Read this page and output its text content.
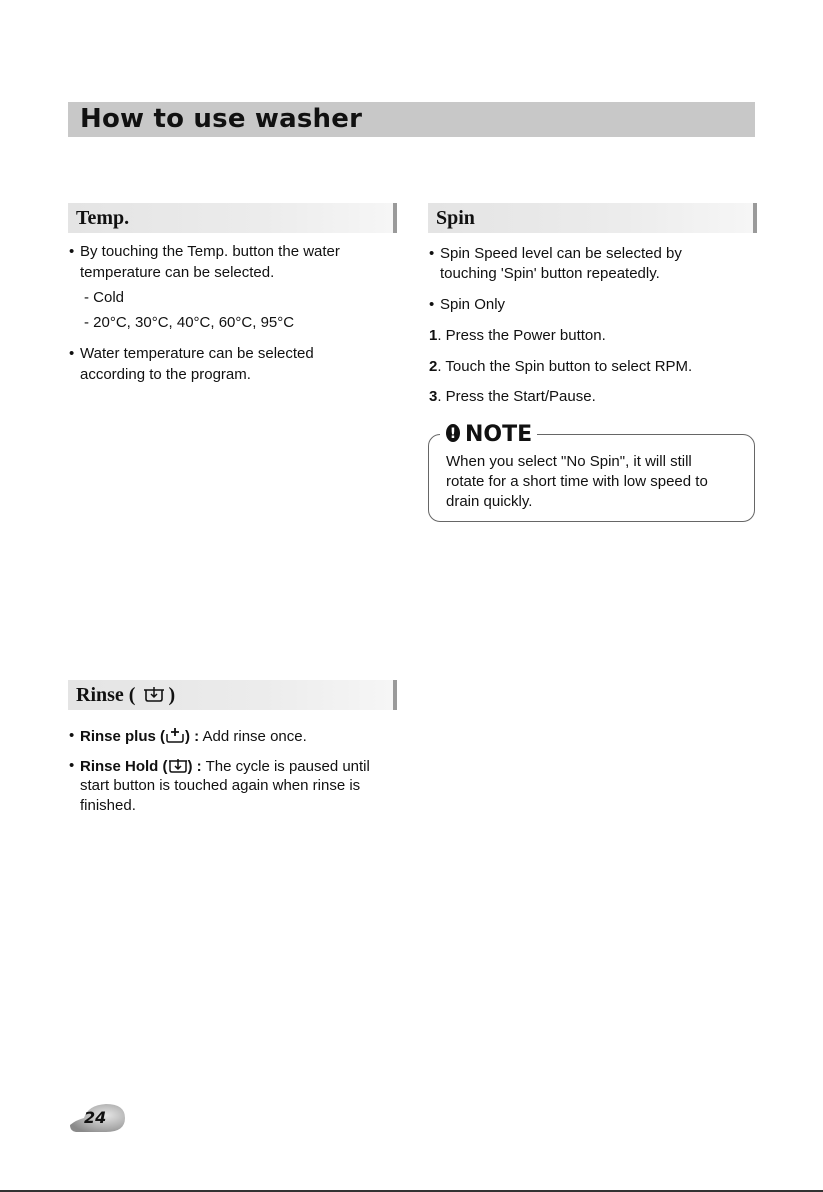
How to use washer
Temp.
• By touching the Temp. button the water
temperature can be selected.
- Cold
- 20°C, 30°C, 40°C, 60°C, 95°C
• Water temperature can be selected
according to the program.
Spin
• Spin Speed level can be selected by
touching 'Spin' button repeatedly.
• Spin Only
1. Press the Power button.
2. Touch the Spin button to select RPM.
3. Press the Start/Pause.
! NOTE
When you select "No Spin", it will still
rotate for a short time with low speed to
drain quickly.
Rinse ( )
• Rinse plus ( ) : Add rinse once.
• Rinse Hold ( ) : The cycle is paused until
start button is touched again when rinse is
finished.
24
